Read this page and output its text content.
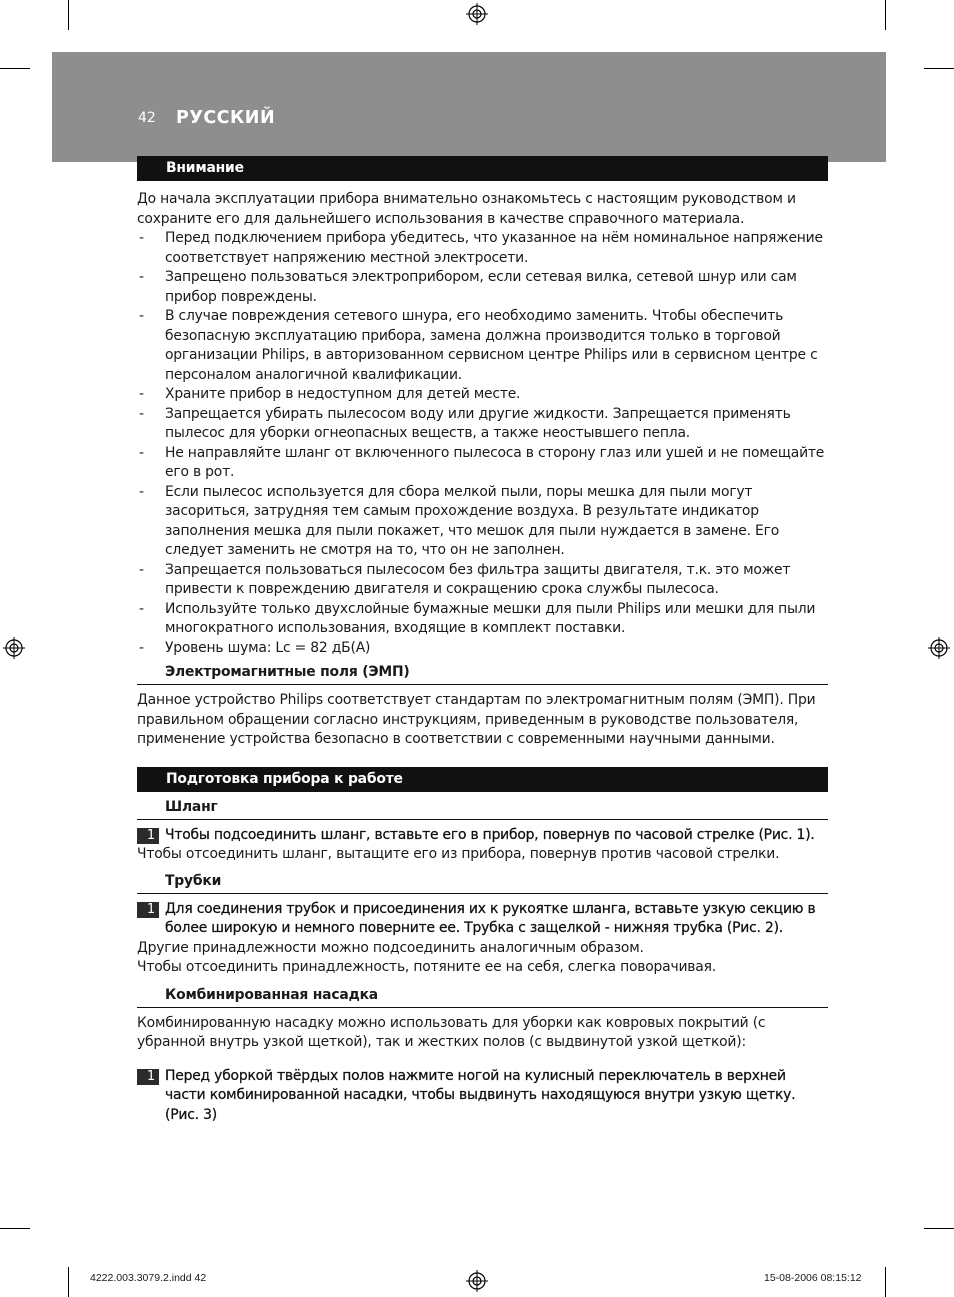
42 РУССКИЙ
Внимание

До начала эксплуатации прибора внимательно ознакомьтесь с настоящим руководством и сохраните его для дальнейшего использования в качестве справочного материала.

- Перед подключением прибора убедитесь, что указанное на нём номинальное напряжение соответствует напряжению местной электросети.
- Запрещено пользоваться электроприбором, если сетевая вилка, сетевой шнур или сам прибор повреждены.
- В случае повреждения сетевого шнура, его необходимо заменить. Чтобы обеспечить безопасную эксплуатацию прибора, замена должна производится только в торговой организации Philips, в авторизованном сервисном центре Philips или в сервисном центре с персоналом аналогичной квалификации.
- Храните прибор в недоступном для детей месте.
- Запрещается убирать пылесосом воду или другие жидкости. Запрещается применять пылесос для уборки огнеопасных веществ, а также неостывшего пепла.
- Не направляйте шланг от включенного пылесоса в сторону глаз или ушей и не помещайте его в рот.
- Если пылесос используется для сбора мелкой пыли, поры мешка для пыли могут засориться, затрудняя тем самым прохождение воздуха. В результате индикатор заполнения мешка для пыли покажет, что мешок для пыли нуждается в замене. Его следует заменить не смотря на то, что он не заполнен.
- Запрещается пользоваться пылесосом без фильтра защиты двигателя, т.к. это может привести к повреждению двигателя и сокращению срока службы пылесоса.
- Используйте только двухслойные бумажные мешки для пыли Philips или мешки для пыли многократного использования, входящие в комплект поставки.
- Уровень шума: Lc = 82 дБ(A)
Электромагнитные поля (ЭМП)

Данное устройство Philips соответствует стандартам по электромагнитным полям (ЭМП). При правильном обращении согласно инструкциям, приведенным в руководстве пользователя, применение устройства безопасно в соответствии с современными научными данными.

Подготовка прибора к работе
Шланг
1 Чтобы подсоединить шланг, вставьте его в прибор, повернув по часовой стрелке (Рис. 1).

Чтобы отсоединить шланг, вытащите его из прибора, повернув против часовой стрелки.

Трубки
1 Для соединения трубок и присоединения их к рукоятке шланга, вставьте узкую секцию в более широкую и немного поверните ее. Трубка с защелкой - нижняя трубка (Рис. 2).

Другие принадлежности можно подсоединить аналогичным образом.

Чтобы отсоединить принадлежность, потяните ее на себя, слегка поворачивая.

Комбинированная насадка

Комбинированную насадку можно использовать для уборки как ковровых покрытий (с убранной внутрь узкой щеткой), так и жестких полов (с выдвинутой узкой щеткой):

1 Перед уборкой твёрдых полов нажмите ногой на кулисный переключатель в верхней части комбинированной насадки, чтобы выдвинуть находящуюся внутри узкую щетку. (Рис. 3)
4222.003.3079.2.indd 42	15-08-2006 08:15:12
